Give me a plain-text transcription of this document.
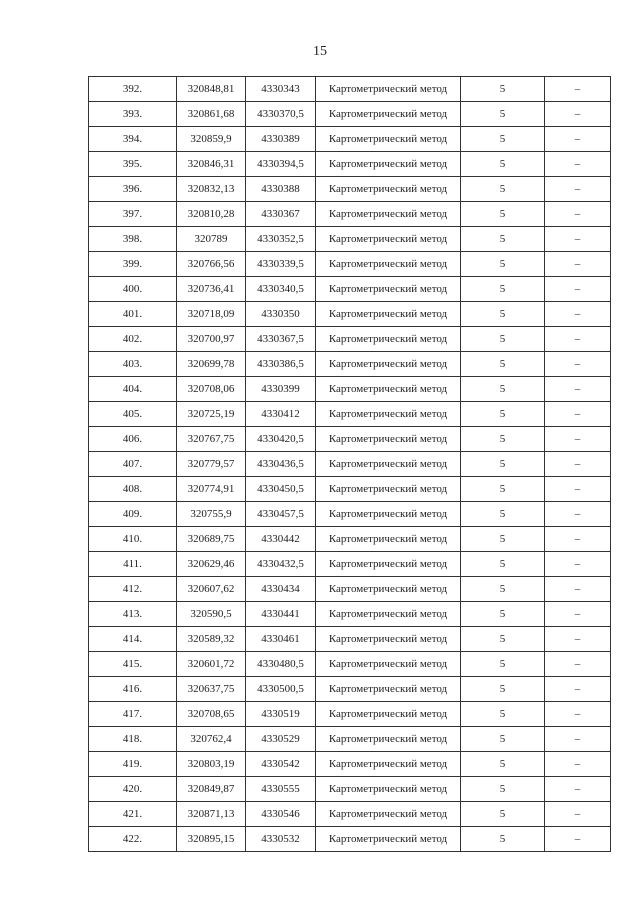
15
392.	320848,81	4330343	Картометрический метод	5	–
393.	320861,68	4330370,5	Картометрический метод	5	–
394.	320859,9	4330389	Картометрический метод	5	–
395.	320846,31	4330394,5	Картометрический метод	5	–
396.	320832,13	4330388	Картометрический метод	5	–
397.	320810,28	4330367	Картометрический метод	5	–
398.	320789	4330352,5	Картометрический метод	5	–
399.	320766,56	4330339,5	Картометрический метод	5	–
400.	320736,41	4330340,5	Картометрический метод	5	–
401.	320718,09	4330350	Картометрический метод	5	–
402.	320700,97	4330367,5	Картометрический метод	5	–
403.	320699,78	4330386,5	Картометрический метод	5	–
404.	320708,06	4330399	Картометрический метод	5	–
405.	320725,19	4330412	Картометрический метод	5	–
406.	320767,75	4330420,5	Картометрический метод	5	–
407.	320779,57	4330436,5	Картометрический метод	5	–
408.	320774,91	4330450,5	Картометрический метод	5	–
409.	320755,9	4330457,5	Картометрический метод	5	–
410.	320689,75	4330442	Картометрический метод	5	–
411.	320629,46	4330432,5	Картометрический метод	5	–
412.	320607,62	4330434	Картометрический метод	5	–
413.	320590,5	4330441	Картометрический метод	5	–
414.	320589,32	4330461	Картометрический метод	5	–
415.	320601,72	4330480,5	Картометрический метод	5	–
416.	320637,75	4330500,5	Картометрический метод	5	–
417.	320708,65	4330519	Картометрический метод	5	–
418.	320762,4	4330529	Картометрический метод	5	–
419.	320803,19	4330542	Картометрический метод	5	–
420.	320849,87	4330555	Картометрический метод	5	–
421.	320871,13	4330546	Картометрический метод	5	–
422.	320895,15	4330532	Картометрический метод	5	–
